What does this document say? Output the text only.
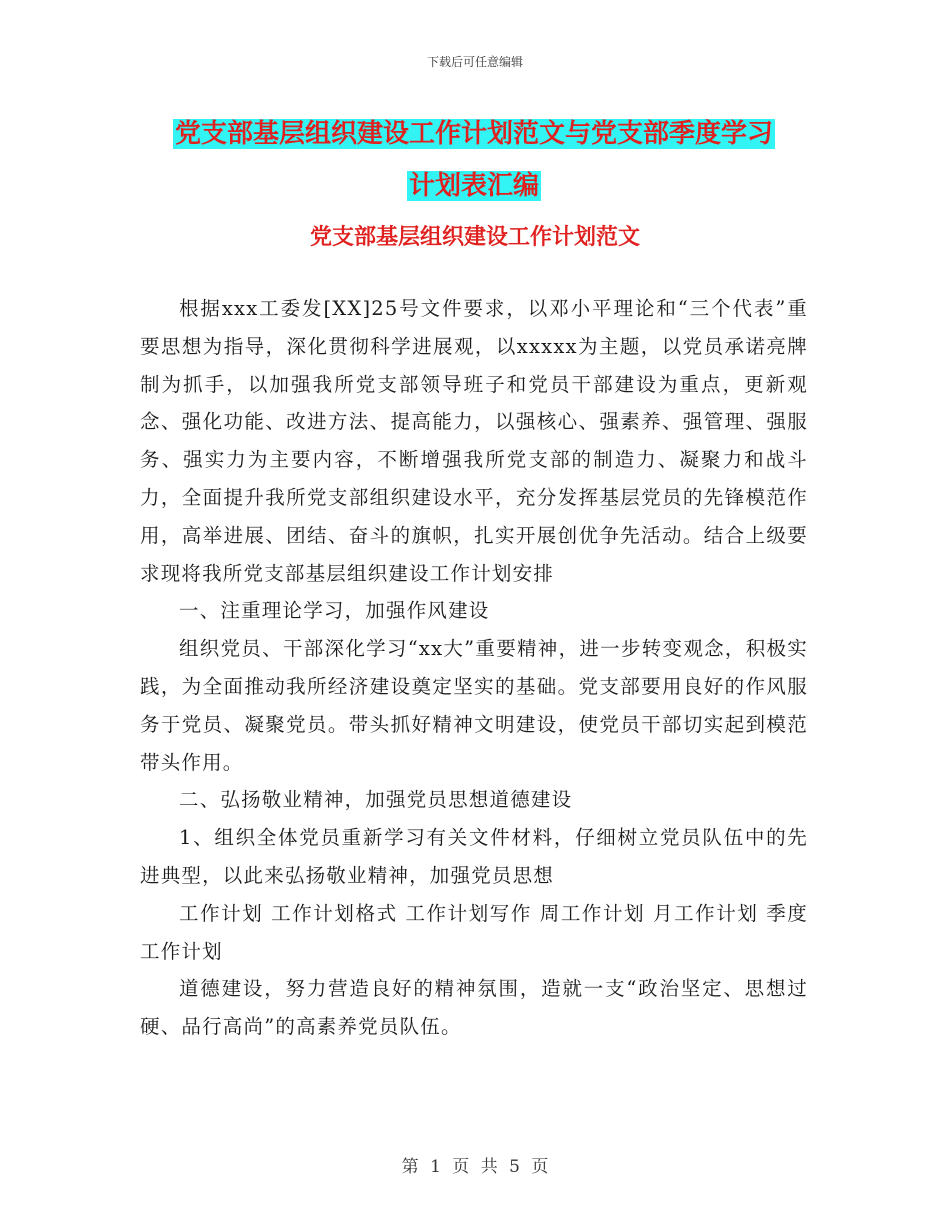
下载后可任意编辑
党支部基层组织建设工作计划范文与党支部季度学习
计划表汇编
党支部基层组织建设工作计划范文

根据xxx工委发[XX]25号文件要求，以邓小平理论和“三个代表”重要思想为指导，深化贯彻科学进展观，以xxxxx为主题，以党员承诺亮牌制为抓手，以加强我所党支部领导班子和党员干部建设为重点，更新观念、强化功能、改进方法、提高能力，以强核心、强素养、强管理、强服务、强实力为主要内容，不断增强我所党支部的制造力、凝聚力和战斗力，全面提升我所党支部组织建设水平，充分发挥基层党员的先锋模范作用，高举进展、团结、奋斗的旗帜，扎实开展创优争先活动。结合上级要求现将我所党支部基层组织建设工作计划安排

一、注重理论学习，加强作风建设

组织党员、干部深化学习“xx大”重要精神，进一步转变观念，积极实践，为全面推动我所经济建设奠定坚实的基础。党支部要用良好的作风服务于党员、凝聚党员。带头抓好精神文明建设，使党员干部切实起到模范带头作用。

二、弘扬敬业精神，加强党员思想道德建设

1、组织全体党员重新学习有关文件材料，仔细树立党员队伍中的先进典型，以此来弘扬敬业精神，加强党员思想

工作计划 工作计划格式 工作计划写作 周工作计划 月工作计划 季度工作计划

道德建设，努力营造良好的精神氛围，造就一支“政治坚定、思想过硬、品行高尚”的高素养党员队伍。

第 1 页 共 5 页
